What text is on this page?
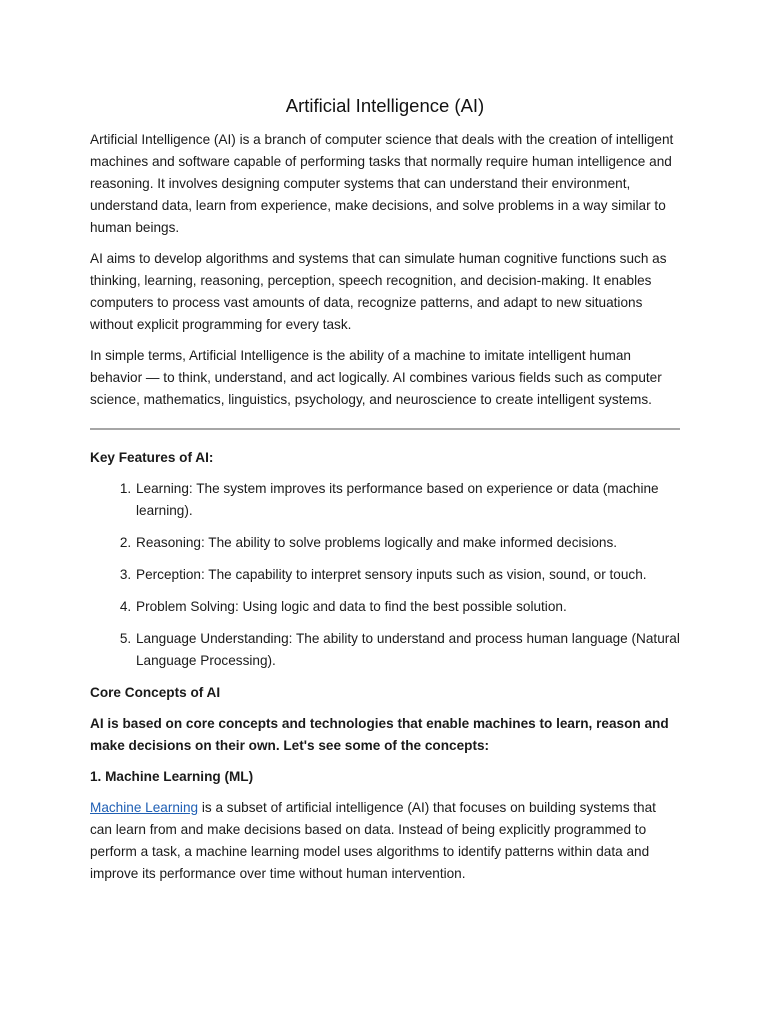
Artificial Intelligence (AI)

Artificial Intelligence (AI) is a branch of computer science that deals with the creation of intelligent machines and software capable of performing tasks that normally require human intelligence and reasoning. It involves designing computer systems that can understand their environment, understand data, learn from experience, make decisions, and solve problems in a way similar to human beings.

AI aims to develop algorithms and systems that can simulate human cognitive functions such as thinking, learning, reasoning, perception, speech recognition, and decision-making. It enables computers to process vast amounts of data, recognize patterns, and adapt to new situations without explicit programming for every task.

In simple terms, Artificial Intelligence is the ability of a machine to imitate intelligent human behavior — to think, understand, and act logically. AI combines various fields such as computer science, mathematics, linguistics, psychology, and neuroscience to create intelligent systems.

Key Features of AI:

1. Learning: The system improves its performance based on experience or data (machine learning).
2. Reasoning: The ability to solve problems logically and make informed decisions.
3. Perception: The capability to interpret sensory inputs such as vision, sound, or touch.
4. Problem Solving: Using logic and data to find the best possible solution.
5. Language Understanding: The ability to understand and process human language (Natural Language Processing).

Core Concepts of AI

AI is based on core concepts and technologies that enable machines to learn, reason and make decisions on their own. Let's see some of the concepts:

1. Machine Learning (ML)

Machine Learning is a subset of artificial intelligence (AI) that focuses on building systems that can learn from and make decisions based on data. Instead of being explicitly programmed to perform a task, a machine learning model uses algorithms to identify patterns within data and improve its performance over time without human intervention.
